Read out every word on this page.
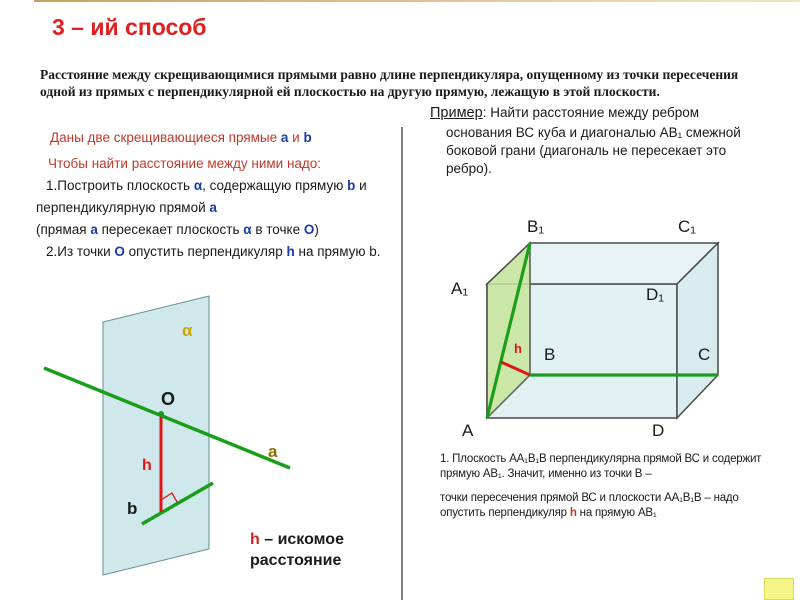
3 – ий способ
Расстояние между скрещивающимися прямыми равно длине перпендикуляра, опущенному из точки пересечения одной из прямых с перпендикулярной ей плоскостью на другую прямую, лежащую в этой плоскости.

Даны две скрещивающиеся прямые a и b

Чтобы найти расстояние между ними надо:

1.Построить плоскость α, содержащую прямую b и перпендикулярную прямой а

(прямая а пересекает плоскость α в точке О)

2.Из точки О опустить перпендикуляр h на прямую b.

Пример: Найти расстояние между ребром
основания ВС куба и диагональю АВ₁ смежной боковой грани (диагональ не пересекает это ребро).
α
О
a
b
h
h
A
B	C
D
A₁
B₁	C₁
D₁
h – искомое
расстояние

1. Плоскость АА₁В₁В перпендикулярна прямой ВС и содержит прямую АВ₁. Значит, именно из точки В –

точки пересечения прямой ВС и плоскости АА₁В₁В – надо опустить перпендикуляр h на прямую АВ₁
